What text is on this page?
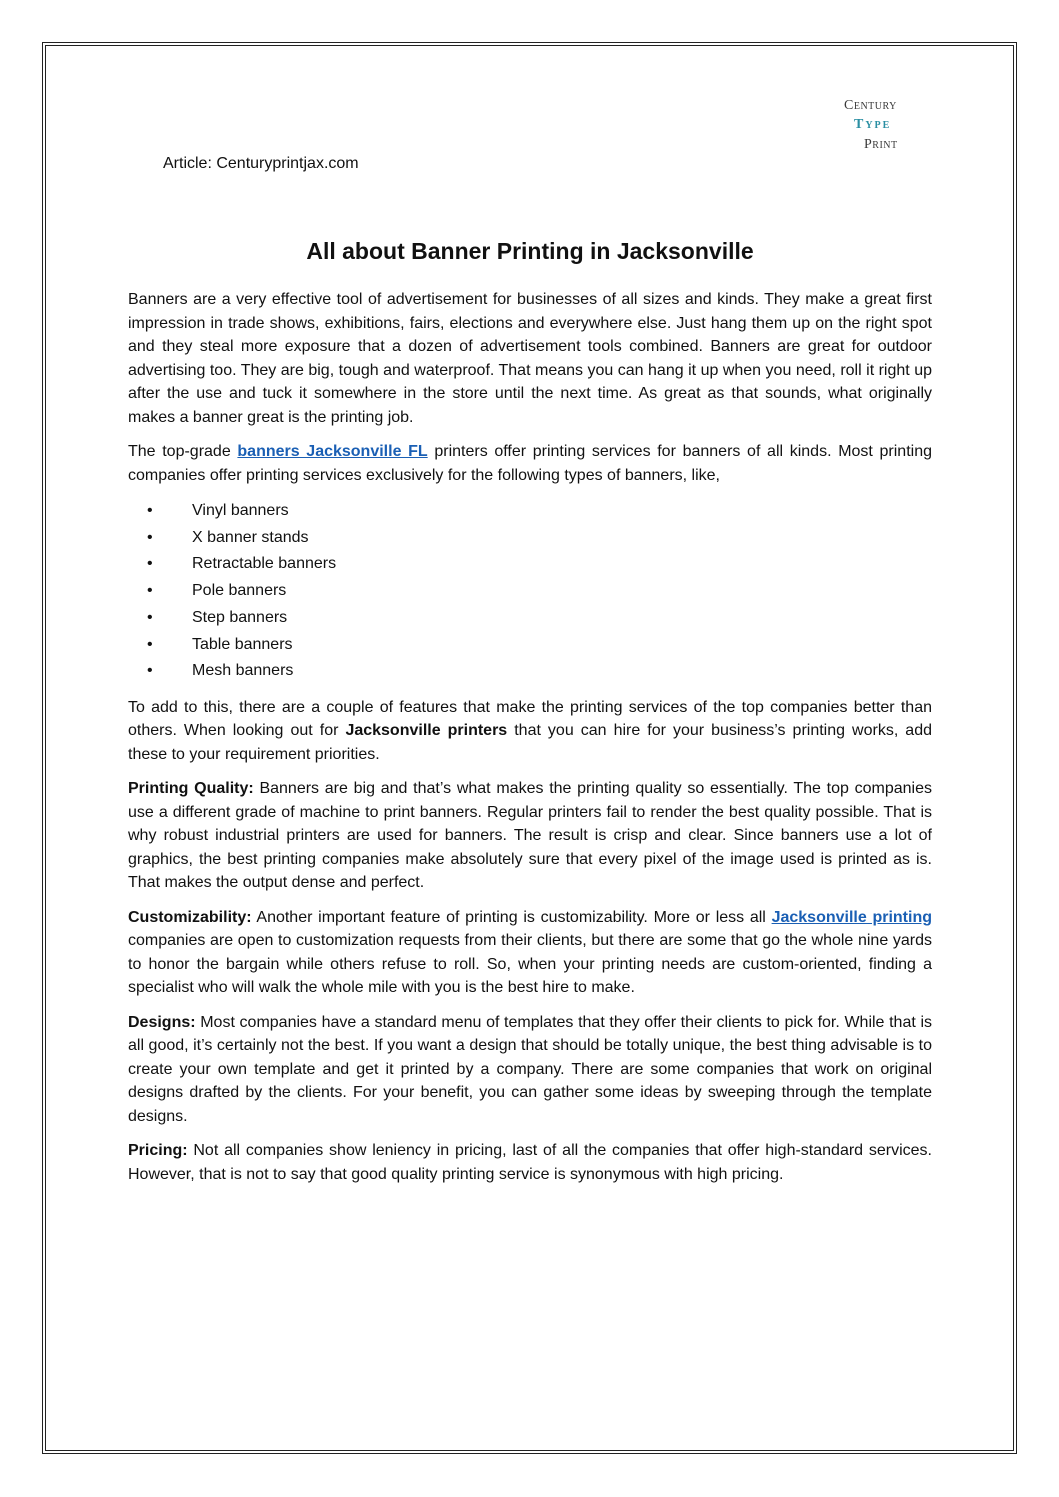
Century
Type
Print
Article: Centuryprintjax.com
All about Banner Printing in Jacksonville

Banners are a very effective tool of advertisement for businesses of all sizes and kinds. They make a great first impression in trade shows, exhibitions, fairs, elections and everywhere else. Just hang them up on the right spot and they steal more exposure that a dozen of advertisement tools combined. Banners are great for outdoor advertising too. They are big, tough and waterproof. That means you can hang it up when you need, roll it right up after the use and tuck it somewhere in the store until the next time. As great as that sounds, what originally makes a banner great is the printing job.

The top-grade banners Jacksonville FL printers offer printing services for banners of all kinds. Most printing companies offer printing services exclusively for the following types of banners, like,

• Vinyl banners
• X banner stands
• Retractable banners
• Pole banners
• Step banners
• Table banners
• Mesh banners

To add to this, there are a couple of features that make the printing services of the top companies better than others. When looking out for Jacksonville printers that you can hire for your business’s printing works, add these to your requirement priorities.

Printing Quality: Banners are big and that’s what makes the printing quality so essentially. The top companies use a different grade of machine to print banners. Regular printers fail to render the best quality possible. That is why robust industrial printers are used for banners. The result is crisp and clear. Since banners use a lot of graphics, the best printing companies make absolutely sure that every pixel of the image used is printed as is. That makes the output dense and perfect.

Customizability: Another important feature of printing is customizability. More or less all Jacksonville printing companies are open to customization requests from their clients, but there are some that go the whole nine yards to honor the bargain while others refuse to roll. So, when your printing needs are custom-oriented, finding a specialist who will walk the whole mile with you is the best hire to make.

Designs: Most companies have a standard menu of templates that they offer their clients to pick for. While that is all good, it’s certainly not the best. If you want a design that should be totally unique, the best thing advisable is to create your own template and get it printed by a company. There are some companies that work on original designs drafted by the clients. For your benefit, you can gather some ideas by sweeping through the template designs.

Pricing: Not all companies show leniency in pricing, last of all the companies that offer high-standard services. However, that is not to say that good quality printing service is synonymous with high pricing.
